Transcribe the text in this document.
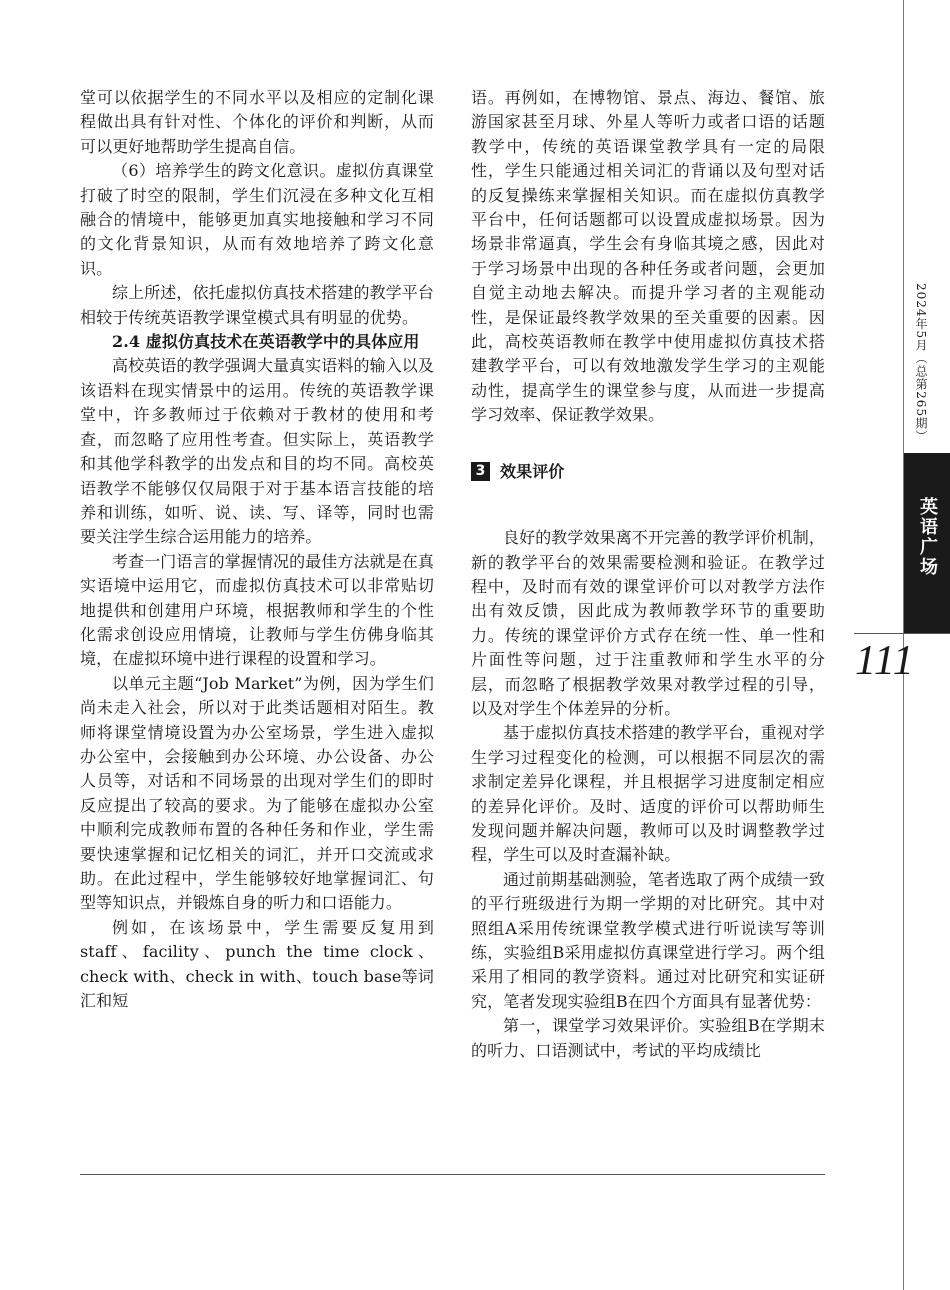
堂可以依据学生的不同水平以及相应的定制化课程做出具有针对性、个体化的评价和判断，从而可以更好地帮助学生提高自信。

（6）培养学生的跨文化意识。虚拟仿真课堂打破了时空的限制，学生们沉浸在多种文化互相融合的情境中，能够更加真实地接触和学习不同的文化背景知识，从而有效地培养了跨文化意识。

综上所述，依托虚拟仿真技术搭建的教学平台相较于传统英语教学课堂模式具有明显的优势。

2.4 虚拟仿真技术在英语教学中的具体应用

高校英语的教学强调大量真实语料的输入以及该语料在现实情景中的运用。传统的英语教学课堂中，许多教师过于依赖对于教材的使用和考查，而忽略了应用性考查。但实际上，英语教学和其他学科教学的出发点和目的均不同。高校英语教学不能够仅仅局限于对于基本语言技能的培养和训练，如听、说、读、写、译等，同时也需要关注学生综合运用能力的培养。

考查一门语言的掌握情况的最佳方法就是在真实语境中运用它，而虚拟仿真技术可以非常贴切地提供和创建用户环境，根据教师和学生的个性化需求创设应用情境，让教师与学生仿佛身临其境，在虚拟环境中进行课程的设置和学习。

以单元主题“Job Market”为例，因为学生们尚未走入社会，所以对于此类话题相对陌生。教师将课堂情境设置为办公室场景，学生进入虚拟办公室中，会接触到办公环境、办公设备、办公人员等，对话和不同场景的出现对学生们的即时反应提出了较高的要求。为了能够在虚拟办公室中顺利完成教师布置的各种任务和作业，学生需要快速掌握和记忆相关的词汇，并开口交流或求助。在此过程中，学生能够较好地掌握词汇、句型等知识点，并锻炼自身的听力和口语能力。

例如，在该场景中，学生需要反复用到staff、facility、punch the time clock、check with、check in with、touch base等词汇和短

语。再例如，在博物馆、景点、海边、餐馆、旅游国家甚至月球、外星人等听力或者口语的话题教学中，传统的英语课堂教学具有一定的局限性，学生只能通过相关词汇的背诵以及句型对话的反复操练来掌握相关知识。而在虚拟仿真教学平台中，任何话题都可以设置成虚拟场景。因为场景非常逼真，学生会有身临其境之感，因此对于学习场景中出现的各种任务或者问题，会更加自觉主动地去解决。而提升学习者的主观能动性，是保证最终教学效果的至关重要的因素。因此，高校英语教师在教学中使用虚拟仿真技术搭建教学平台，可以有效地激发学生学习的主观能动性，提高学生的课堂参与度，从而进一步提高学习效率、保证教学效果。

3 效果评价

良好的教学效果离不开完善的教学评价机制，新的教学平台的效果需要检测和验证。在教学过程中，及时而有效的课堂评价可以对教学方法作出有效反馈，因此成为教师教学环节的重要助力。传统的课堂评价方式存在统一性、单一性和片面性等问题，过于注重教师和学生水平的分层，而忽略了根据教学效果对教学过程的引导，以及对学生个体差异的分析。

基于虚拟仿真技术搭建的教学平台，重视对学生学习过程变化的检测，可以根据不同层次的需求制定差异化课程，并且根据学习进度制定相应的差异化评价。及时、适度的评价可以帮助师生发现问题并解决问题，教师可以及时调整教学过程，学生可以及时查漏补缺。

通过前期基础测验，笔者选取了两个成绩一致的平行班级进行为期一学期的对比研究。其中对照组A采用传统课堂教学模式进行听说读写等训练，实验组B采用虚拟仿真课堂进行学习。两个组采用了相同的教学资料。通过对比研究和实证研究，笔者发现实验组B在四个方面具有显著优势：

第一，课堂学习效果评价。实验组B在学期末的听力、口语测试中，考试的平均成绩比

2024年5月（总第265期）
英语广场
111
